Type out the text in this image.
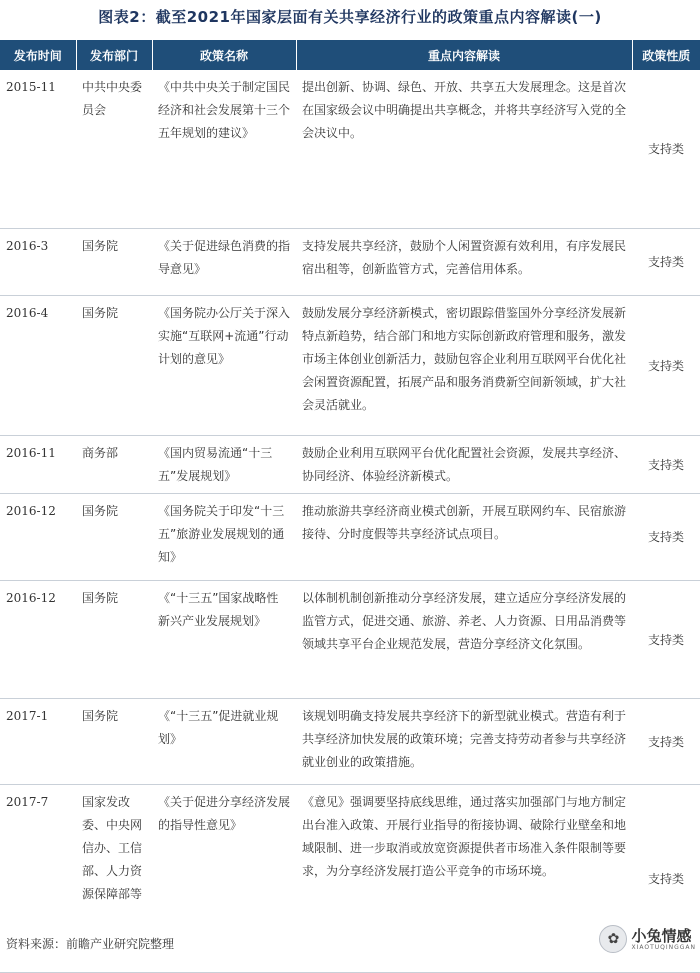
图表2：截至2021年国家层面有关共享经济行业的政策重点内容解读(一)
发布时间	发布部门	政策名称	重点内容解读	政策性质
2015-11	中共中央委员会	《中共中央关于制定国民经济和社会发展第十三个五年规划的建议》	提出创新、协调、绿色、开放、共享五大发展理念。这是首次在国家级会议中明确提出共享概念，并将共享经济写入党的全会决议中。	支持类
2016-3	国务院	《关于促进绿色消费的指导意见》	支持发展共享经济，鼓励个人闲置资源有效利用，有序发展民宿出租等，创新监管方式，完善信用体系。	支持类
2016-4	国务院	《国务院办公厅关于深入实施“互联网+流通”行动计划的意见》	鼓励发展分享经济新模式，密切跟踪借鉴国外分享经济发展新特点新趋势，结合部门和地方实际创新政府管理和服务，激发市场主体创业创新活力，鼓励包容企业利用互联网平台优化社会闲置资源配置，拓展产品和服务消费新空间新领域，扩大社会灵活就业。	支持类
2016-11	商务部	《国内贸易流通“十三五”发展规划》	鼓励企业利用互联网平台优化配置社会资源，发展共享经济、协同经济、体验经济新模式。	支持类
2016-12	国务院	《国务院关于印发“十三五”旅游业发展规划的通知》	推动旅游共享经济商业模式创新，开展互联网约车、民宿旅游接待、分时度假等共享经济试点项目。	支持类
2016-12	国务院	《“十三五”国家战略性新兴产业发展规划》	以体制机制创新推动分享经济发展，建立适应分享经济发展的监管方式，促进交通、旅游、养老、人力资源、日用品消费等领域共享平台企业规范发展，营造分享经济文化氛围。	支持类
2017-1	国务院	《“十三五”促进就业规划》	该规划明确支持发展共享经济下的新型就业模式。营造有利于共享经济加快发展的政策环境；完善支持劳动者参与共享经济就业创业的政策措施。	支持类
2017-7	国家发改委、中央网信办、工信部、人力资源保障部等	《关于促进分享经济发展的指导性意见》	《意见》强调要坚持底线思维，通过落实加强部门与地方制定出台准入政策、开展行业指导的衔接协调、破除行业壁垒和地域限制、进一步取消或放宽资源提供者市场准入条件限制等要求，为分享经济发展打造公平竞争的市场环境。	支持类
资料来源：前瞻产业研究院整理	✿ 小兔情感
XIAOTUQINGGAN
